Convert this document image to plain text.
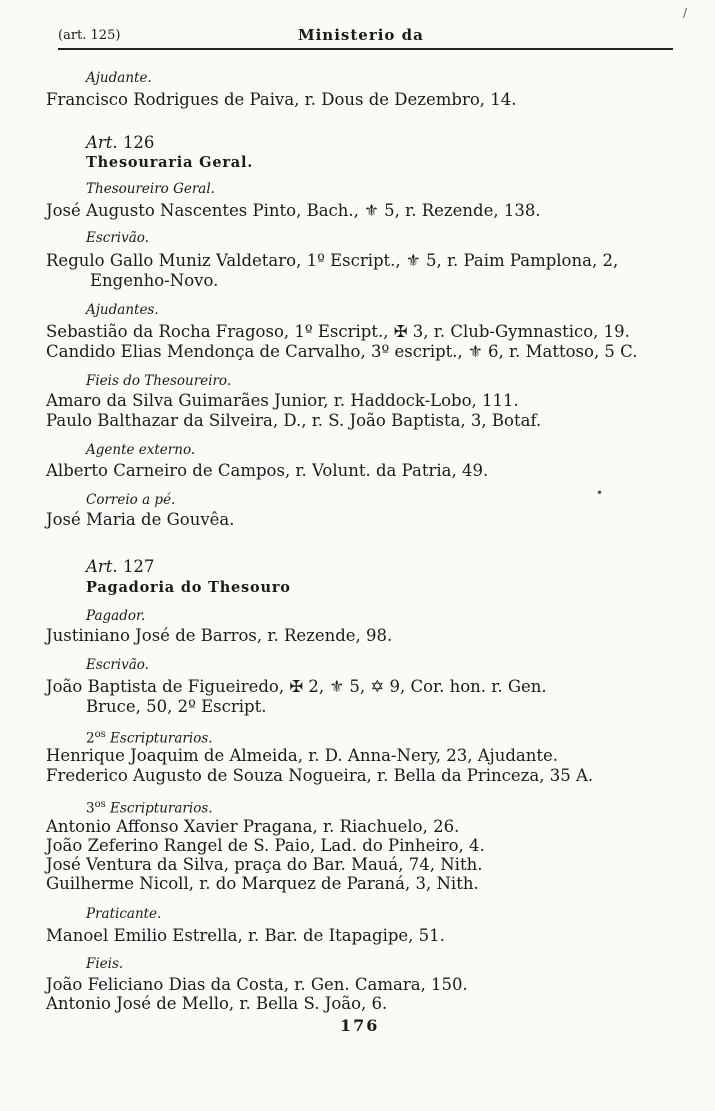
(art. 125)	Ministerio da
Ajudante.
Francisco Rodrigues de Paiva, r. Dous de Dezembro, 14.
Art. 126
Thesouraria Geral.
Thesoureiro Geral.
José Augusto Nascentes Pinto, Bach., ⚜ 5, r. Rezende, 138.
Escrivão.
Regulo Gallo Muniz Valdetaro, 1º Escript., ⚜ 5, r. Paim Pamplona, 2,
Engenho-Novo.
Ajudantes.
Sebastião da Rocha Fragoso, 1º Escript., ✠ 3, r. Club-Gymnastico, 19.
Candido Elias Mendonça de Carvalho, 3º escript., ⚜ 6, r. Mattoso, 5 C.
Fieis do Thesoureiro.
Amaro da Silva Guimarães Junior, r. Haddock-Lobo, 111.
Paulo Balthazar da Silveira, D., r. S. João Baptista, 3, Botaf.
Agente externo.
Alberto Carneiro de Campos, r. Volunt. da Patria, 49.
Correio a pé.
José Maria de Gouvêa.
Art. 127
Pagadoria do Thesouro
Pagador.
Justiniano José de Barros, r. Rezende, 98.
Escrivão.
João Baptista de Figueiredo, ✠ 2, ⚜ 5, ✡ 9, Cor. hon. r. Gen.
Bruce, 50, 2º Escript.
$2^{os}$ Escripturarios.
Henrique Joaquim de Almeida, r. D. Anna-Nery, 23, Ajudante.
Frederico Augusto de Souza Nogueira, r. Bella da Princeza, 35 A.
$3^{os}$ Escripturarios.
Antonio Affonso Xavier Pragana, r. Riachuelo, 26.
João Zeferino Rangel de S. Paio, Lad. do Pinheiro, 4.
José Ventura da Silva, praça do Bar. Mauá, 74, Nith.
Guilherme Nicoll, r. do Marquez de Paraná, 3, Nith.
Praticante.
Manoel Emilio Estrella, r. Bar. de Itapagipe, 51.
Fieis.
João Feliciano Dias da Costa, r. Gen. Camara, 150.
Antonio José de Mello, r. Bella S. João, 6.
176
/
•
